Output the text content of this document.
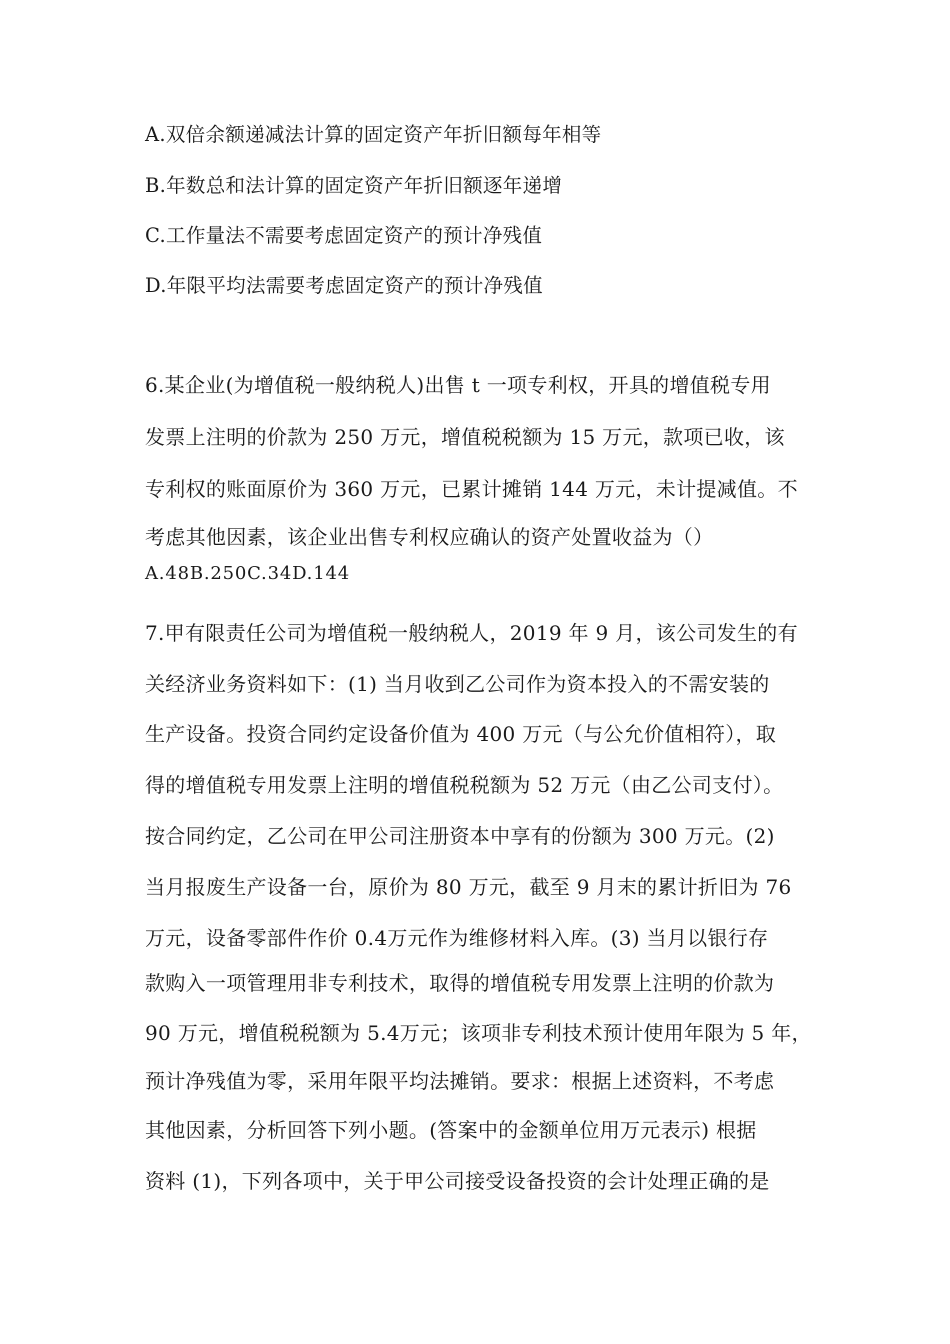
A.双倍余额递减法计算的固定资产年折旧额每年相等
B.年数总和法计算的固定资产年折旧额逐年递增
C.工作量法不需要考虑固定资产的预计净残值
D.年限平均法需要考虑固定资产的预计净残值
6.某企业(为增值税一般纳税人)出售 t 一项专利权，开具的增值税专用
发票上注明的价款为 250 万元，增值税税额为 15 万元，款项已收，该
专利权的账面原价为 360 万元，已累计摊销 144 万元，未计提减值。不
考虑其他因素，该企业出售专利权应确认的资产处置收益为（）
A.48B.250C.34D.144
7.甲有限责任公司为增值税一般纳税人，2019 年 9 月，该公司发生的有
关经济业务资料如下：(1) 当月收到乙公司作为资本投入的不需安装的
生产设备。投资合同约定设备价值为 400 万元（与公允价值相符），取
得的增值税专用发票上注明的增值税税额为 52 万元（由乙公司支付）。
按合同约定，乙公司在甲公司注册资本中享有的份额为 300 万元。(2)
当月报废生产设备一台，原价为 80 万元，截至 9 月末的累计折旧为 76
万元，设备零部件作价 0.4万元作为维修材料入库。(3) 当月以银行存
款购入一项管理用非专利技术，取得的增值税专用发票上注明的价款为
90 万元，增值税税额为 5.4万元；该项非专利技术预计使用年限为 5 年，
预计净残值为零，采用年限平均法摊销。要求：根据上述资料，不考虑
其他因素，分析回答下列小题。(答案中的金额单位用万元表示) 根据
资料 (1)，下列各项中，关于甲公司接受设备投资的会计处理正确的是
